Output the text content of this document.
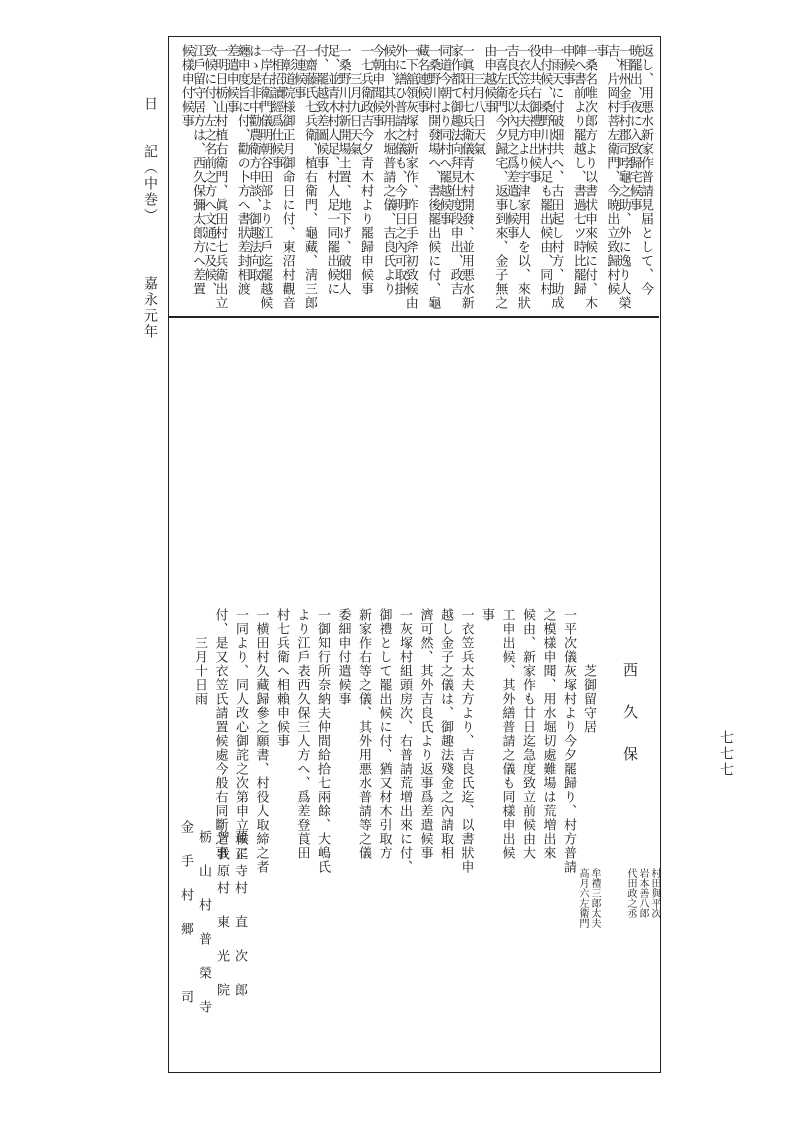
日　　記（中巻） 　 嘉永元年
七七七
返し、用悪水新家作普請見届として、今
暁罷出、夜に入致歸宅候事
一相州金手村郡司哱龜之助、外に逸り人榮
吉、片岡村菩左衛門、今暁出立致歸村候
事
一桑名唯次郎方より以書状申來候に付、木
陣へ書前より罷越し、書過七ツ時比罷歸
申候事
一雨天に付破畑共へ、古田起し村方、助成
申付候、桑野川村人足も罷出候由、同村
役人共右御禮申出候事
一衣笠兵太夫方より宇津家用人を以、來狀
吉良氏を以內見之爲差遣し候事
一喜左衛門今夕歸宅、返事到來、金子無之
由申越候事
　　三月八日天氣
一眞田村七兵衛儀青木村開發、並用悪水新
家作都て御趣法向拜見仕度段申出、政吉
同道今朝より同村へ罷越候事
一桑野川村開發場へ、書後罷出候に付、龜
藏名連候事
一下舘領灰塚村新家作、昨日手斧初致候由
外に繕ひ普請之儀も、今明日之內可取掛
候由、其外用水堀普請之儀、吉良氏より
今朝申聞候事
一七兵衛政吉今夕青木村より罷歸申候事
　　三月九日天氣
一桑野川村新開場土置、地下げ、破畑人
足、並青木村人足、村人足一同罷出候に
付、罷越致差圖候事
一齋藤氏七兵衛、植右衛門、龜藏、淸三郎
召連候事
一彰道院様御正月御命日に付、東沼村觀音
寺相招讀經爲仕候事
一岸右衛門儀明朝谷田部より江戶迄罷越候
はゝ是非中勸農衛方申談、御趣法向取
纏申度旨に付、勸の卜方へ書狀差封相渡
差遣申候事
一明日栃山村植右衛門、眞田村七兵衛出立
致候に付、左之名前之方へ文通に及候、
江戶留守居方は、西久保彌太郎方へ差置
候樣申付候事
蓮正寺村　直　次　郎
曾我原村　東　光　院
栃　山　村　普　榮　寺
金　手　村　郷　　　司
西　久　保
芝御留守居
村田與平次
岩本善八郎
代田政之丞
牟禮三郎太夫
高月六左衛門
一平次儀灰塚村より今夕罷歸り、村方普請
之模樣申聞、用水堀切處難場は荒増出來
候由、新家作も廿日迄急度致立前候由大
工申出候、其外繕普請之儀も同樣申出候
事
一衣笠兵太夫方より、吉良氏迄、以書狀申
越し金子之儀は、御趣法殘金之內請取相
濟可然、其外吉良氏より返事爲差遣候事
一灰塚村組頭房次、右普請荒增出來に付、
御禮として罷出候に付、猶又材木引取方
新家作右等之儀、其外用悪水普請等之儀
委細申付遣候事
一御知行所奈納夫仲間給拾七兩餘、大嶋氏
より江戶表西久保三人方へ、爲差登莨田
村七兵衛へ相賴申候事
一横田村久藏歸參之願書、村役人取締之者
一同より、同人改心御詫之次第申立候に
付、是又衣笠氏請置候處今般右同斷之事
　　三月十日雨
